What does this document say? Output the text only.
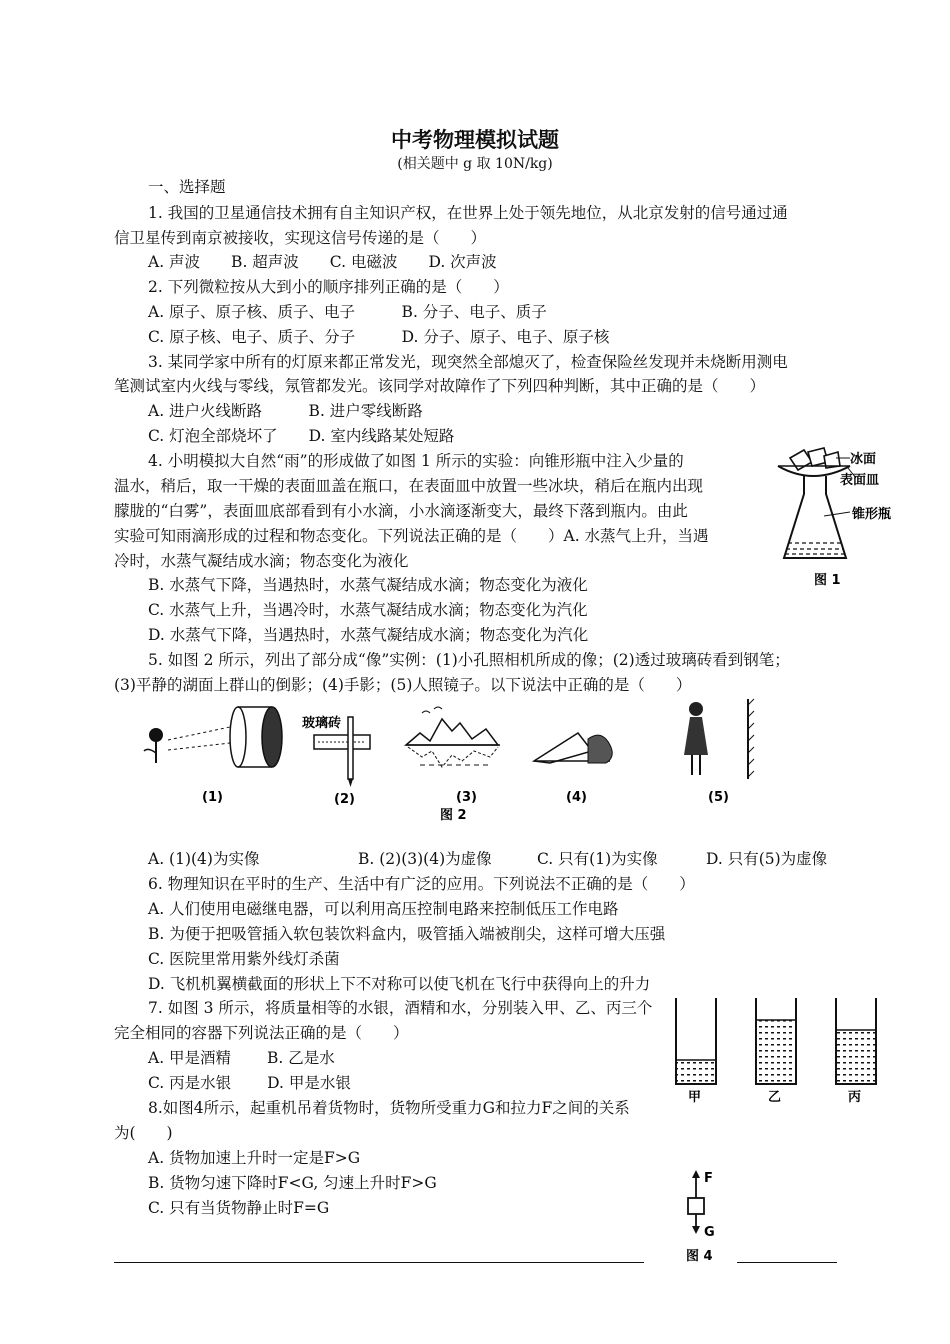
中考物理模拟试题
(相关题中 g 取 10N/kg)
一、选择题
1. 我国的卫星通信技术拥有自主知识产权，在世界上处于领先地位，从北京发射的信号通过通
信卫星传到南京被接收，实现这信号传递的是（　　）
A. 声波　　B. 超声波　　C. 电磁波　　D. 次声波
2. 下列微粒按从大到小的顺序排列正确的是（　　）
A. 原子、原子核、质子、电子　　　B. 分子、电子、质子
C. 原子核、电子、质子、分子　　　D. 分子、原子、电子、原子核
3. 某同学家中所有的灯原来都正常发光，现突然全部熄灭了，检查保险丝发现并未烧断用测电
笔测试室内火线与零线，氖管都发光。该同学对故障作了下列四种判断，其中正确的是（　　）
A. 进户火线断路　　　B. 进户零线断路
C. 灯泡全部烧坏了　　D. 室内线路某处短路
4. 小明模拟大自然“雨”的形成做了如图 1 所示的实验：向锥形瓶中注入少量的
温水，稍后，取一干燥的表面皿盖在瓶口，在表面皿中放置一些冰块，稍后在瓶内出现
朦胧的“白雾”，表面皿底部看到有小水滴，小水滴逐渐变大，最终下落到瓶内。由此
实验可知雨滴形成的过程和物态变化。下列说法正确的是（　　）A. 水蒸气上升，当遇
冷时，水蒸气凝结成水滴；物态变化为液化
B. 水蒸气下降，当遇热时，水蒸气凝结成水滴；物态变化为液化
C. 水蒸气上升，当遇冷时，水蒸气凝结成水滴；物态变化为汽化
D. 水蒸气下降，当遇热时，水蒸气凝结成水滴；物态变化为汽化
冰面
表面皿
锥形瓶
图 1
5. 如图 2 所示，列出了部分成“像”实例：(1)小孔照相机所成的像；(2)透过玻璃砖看到钢笔；
(3)平静的湖面上群山的倒影；(4)手影；(5)人照镜子。以下说法中正确的是（　　）
(1)
玻璃砖
(2)	(3)	(4)	(5)
图 2
A. (1)(4)为实像	B. (2)(3)(4)为虚像	C. 只有(1)为实像	D. 只有(5)为虚像
6. 物理知识在平时的生产、生活中有广泛的应用。下列说法不正确的是（　　）
A. 人们使用电磁继电器，可以利用高压控制电路来控制低压工作电路
B. 为便于把吸管插入软包装饮料盒内，吸管插入端被削尖，这样可增大压强
C. 医院里常用紫外线灯杀菌
D. 飞机机翼横截面的形状上下不对称可以使飞机在飞行中获得向上的升力
7. 如图 3 所示，将质量相等的水银，酒精和水，分别装入甲、乙、丙三个
完全相同的容器下列说法正确的是（　　）
A. 甲是酒精　　 B. 乙是水
C. 丙是水银　　 D. 甲是水银
甲	乙	丙
8.如图4所示，起重机吊着货物时，货物所受重力G和拉力F之间的关系
为(　　)
A. 货物加速上升时一定是F>G
B. 货物匀速下降时F<G, 匀速上升时F>G
C. 只有当货物静止时F=G
F
G
图 4
